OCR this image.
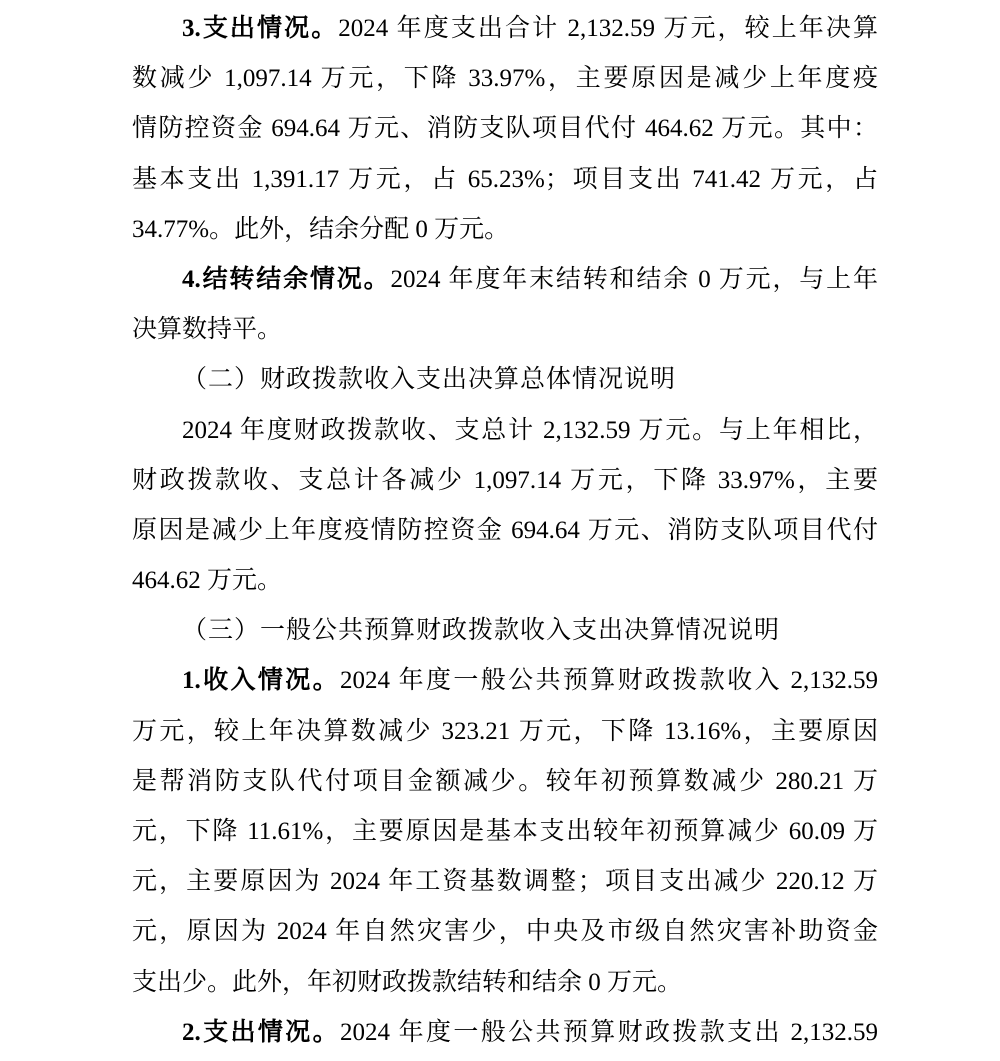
3.支出情况。2024 年度支出合计 2,132.59 万元，较上年决算
数减少 1,097.14 万元，下降 33.97%，主要原因是减少上年度疫
情防控资金 694.64 万元、消防支队项目代付 464.62 万元。其中：
基本支出 1,391.17 万元，占 65.23%；项目支出 741.42 万元，占
34.77%。此外，结余分配 0 万元。
4.结转结余情况。2024 年度年末结转和结余 0 万元，与上年
决算数持平。
（二）财政拨款收入支出决算总体情况说明
2024 年度财政拨款收、支总计 2,132.59 万元。与上年相比，
财政拨款收、支总计各减少 1,097.14 万元，下降 33.97%，主要
原因是减少上年度疫情防控资金 694.64 万元、消防支队项目代付
464.62 万元。
（三）一般公共预算财政拨款收入支出决算情况说明
1.收入情况。2024 年度一般公共预算财政拨款收入 2,132.59
万元，较上年决算数减少 323.21 万元，下降 13.16%，主要原因
是帮消防支队代付项目金额减少。较年初预算数减少 280.21 万
元，下降 11.61%，主要原因是基本支出较年初预算减少 60.09 万
元，主要原因为 2024 年工资基数调整；项目支出减少 220.12 万
元，原因为 2024 年自然灾害少，中央及市级自然灾害补助资金
支出少。此外，年初财政拨款结转和结余 0 万元。
2.支出情况。2024 年度一般公共预算财政拨款支出 2,132.59
